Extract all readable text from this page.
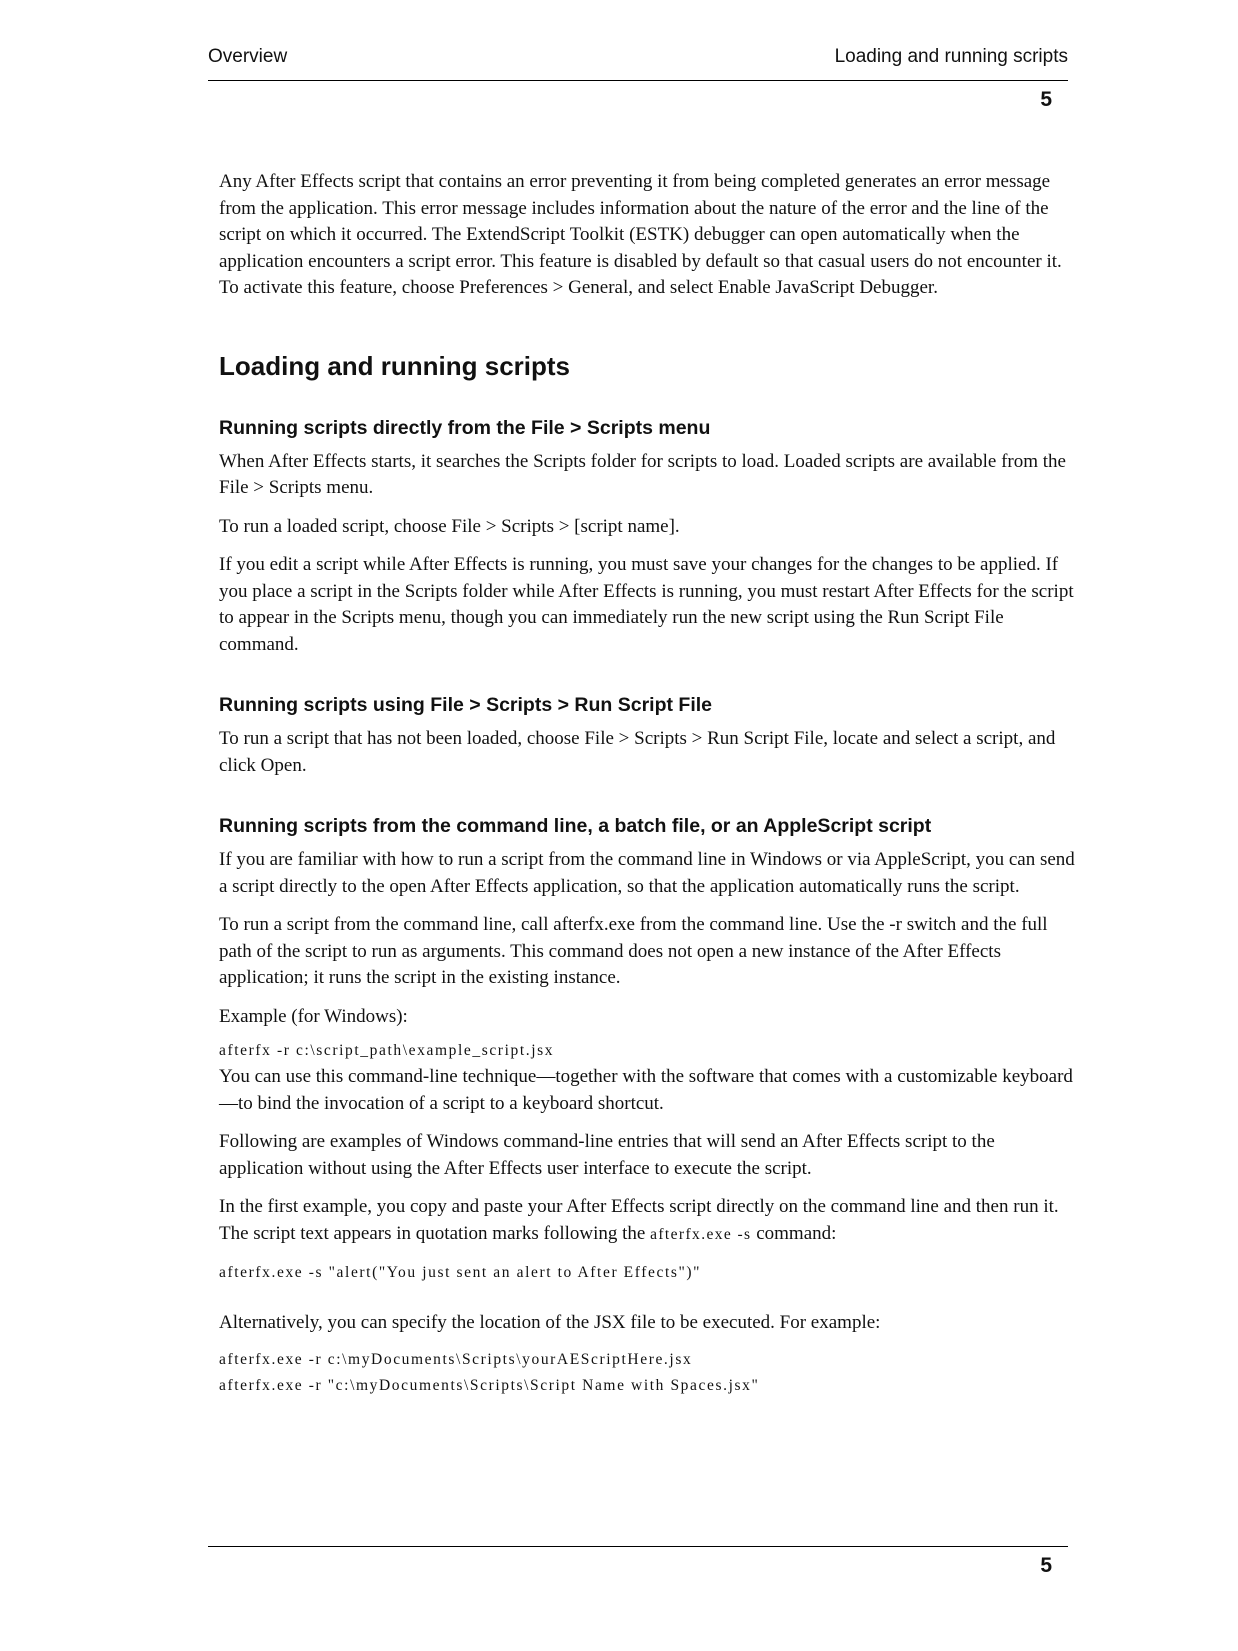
Overview	Loading and running scripts
5

Any After Effects script that contains an error preventing it from being completed generates an error message from the application. This error message includes information about the nature of the error and the line of the script on which it occurred. The ExtendScript Toolkit (ESTK) debugger can open automatically when the application encounters a script error. This feature is disabled by default so that casual users do not encounter it. To activate this feature, choose Preferences > General, and select Enable JavaScript Debugger.

Loading and running scripts
Running scripts directly from the File > Scripts menu

When After Effects starts, it searches the Scripts folder for scripts to load. Loaded scripts are available from the File > Scripts menu.

To run a loaded script, choose File > Scripts > [script name].

If you edit a script while After Effects is running, you must save your changes for the changes to be applied. If you place a script in the Scripts folder while After Effects is running, you must restart After Effects for the script to appear in the Scripts menu, though you can immediately run the new script using the Run Script File command.

Running scripts using File > Scripts > Run Script File

To run a script that has not been loaded, choose File > Scripts > Run Script File, locate and select a script, and click Open.

Running scripts from the command line, a batch file, or an AppleScript script

If you are familiar with how to run a script from the command line in Windows or via AppleScript, you can send a script directly to the open After Effects application, so that the application automatically runs the script.

To run a script from the command line, call afterfx.exe from the command line. Use the -r switch and the full path of the script to run as arguments. This command does not open a new instance of the After Effects application; it runs the script in the existing instance.

Example (for Windows):

afterfx -r c:\script_path\example_script.jsx

You can use this command-line technique—together with the software that comes with a customizable keyboard—to bind the invocation of a script to a keyboard shortcut.

Following are examples of Windows command-line entries that will send an After Effects script to the application without using the After Effects user interface to execute the script.

In the first example, you copy and paste your After Effects script directly on the command line and then run it. The script text appears in quotation marks following the afterfx.exe -s command:

afterfx.exe -s "alert("You just sent an alert to After Effects")"

Alternatively, you can specify the location of the JSX file to be executed. For example:

afterfx.exe -r c:\myDocuments\Scripts\yourAEScriptHere.jsx
afterfx.exe -r "c:\myDocuments\Scripts\Script Name with Spaces.jsx"
5
